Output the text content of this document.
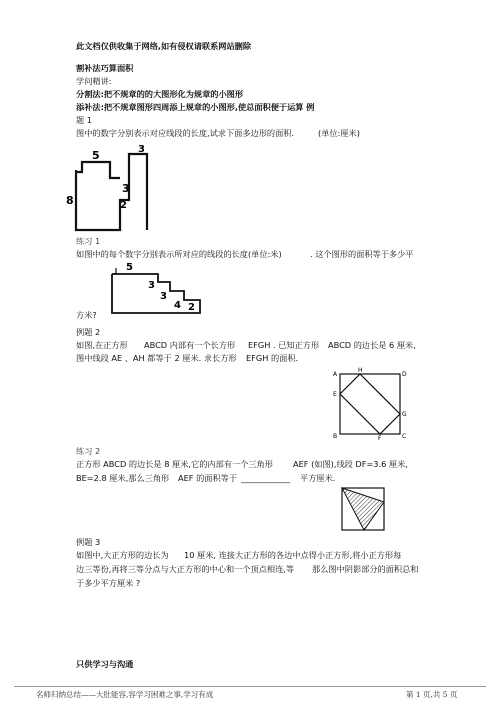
此文档仅供收集于网络,如有侵权请联系网站删除
割补法巧算面积
学问精讲:
分割法:把不规章的的大图形化为规章的小图形
添补法:把不规章图形四周添上规章的小图形,使总面积便于运算 例
题 1
图中的数字分别表示对应线段的长度,试求下面多边形的面积.	(单位:厘米)
3
5
3
2
8
练习 1
如图中的每个数字分别表示所对应的线段的长度(单位:米)	. 这个图形的面积等于多少平
5
3
3
4 2
方米?
例题 2
如图,在正方形 ABCD 内部有一个长方形 EFGH . 已知正方形 ABCD 的边长是 6 厘米,
图中线段 AE 、AH 都等于 2 厘米. 求长方形 EFGH 的面积.
A	D
B	C
H
E
F
G
练习 2
正方形 ABCD 的边长是 8 厘米,它的内部有一个三角形 AEF (如图),线段 DF=3.6 厘米,
BE=2.8 厘米,那么三角形 AEF 的面积等于 ____________ 平方厘米.
例题 3
如图中,大正方形的边长为 10 厘米, 连接大正方形的各边中点得小正方形,将小正方形每
边三等份,再将三等分点与大正方形的中心和一个顶点相连,等 那么图中阴影部分的面积总和
于多少平方厘米 ?
只供学习与沟通
名师归纳总结——大肚能容,容学习困难之事,学习有成	第 1 页,共 5 页
